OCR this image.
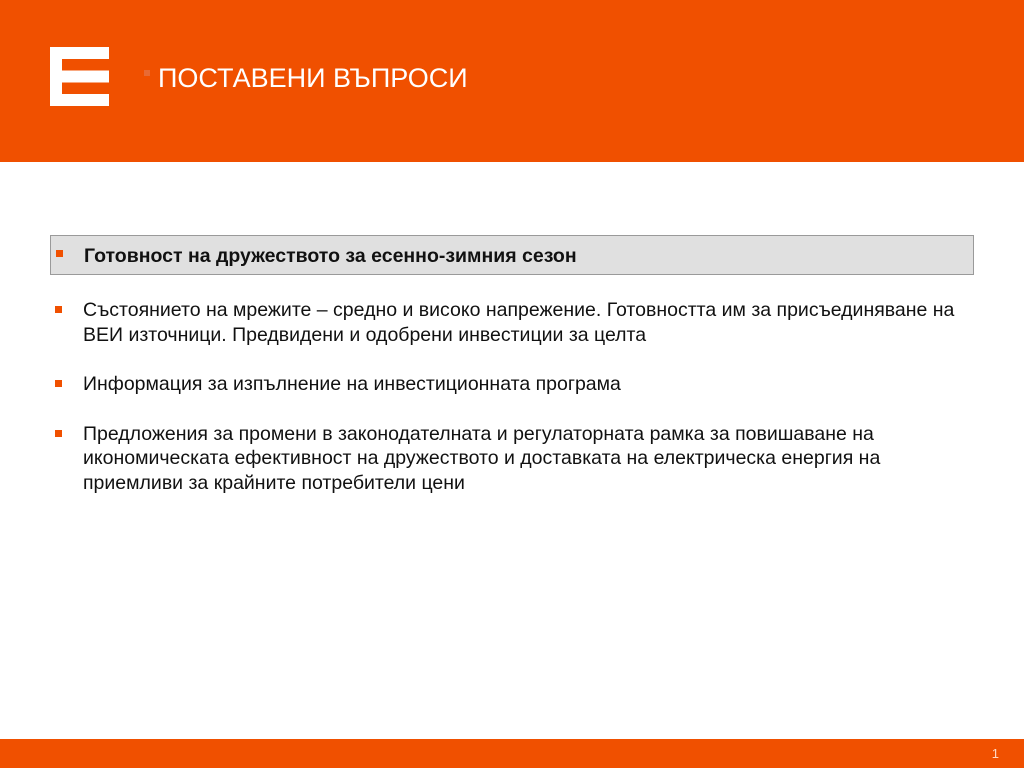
ПОСТАВЕНИ ВЪПРОСИ
Готовност на дружеството за есенно-зимния сезон
Състоянието на мрежите – средно и високо напрежение. Готовността им за присъединяване на ВЕИ източници. Предвидени и одобрени инвестиции за целта
Информация за изпълнение на инвестиционната програма
Предложения за промени в законодателната и регулаторната рамка за повишаване на икономическата ефективност на дружеството и доставката на електрическа енергия на приемливи за крайните потребители цени
1
